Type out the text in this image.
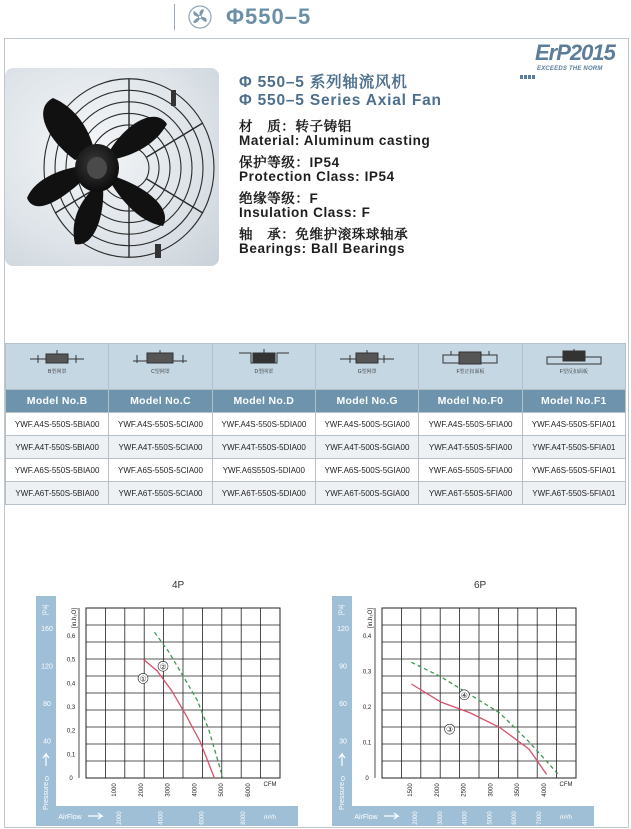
Φ550–5
ErP2015
EXCEEDS THE NORM
Φ 550–5 系列轴流风机
Φ 550–5 Series Axial Fan
材　质：转子铸铝
Material: Aluminum casting
保护等级：IP54
Protection Class: IP54
绝缘等级：F
Insulation Class: F
轴　承：免维护滚珠球轴承
Bearings: Ball Bearings
B型网罩	C型网罩	D型网罩	G型网罩	F型正扣面板	F型反扣面板

Model No.B	Model No.C	Model No.D	Model No.G	Model No.F0	Model No.F1
YWF.A4S-550S-5BIA00	YWF.A4S-550S-5CIA00	YWF.A4S-550S-5DIA00	YWF.A4S-500S-5GIA00	YWF.A4S-550S-5FIA00	YWF.A4S-550S-5FIA01
YWF.A4T-550S-5BIA00	YWF.A4T-550S-5CIA00	YWF.A4T-550S-5DIA00	YWF.A4T-500S-5GIA00	YWF.A4T-550S-5FIA00	YWF.A4T-550S-5FIA01
YWF.A6S-550S-5BIA00	YWF.A6S-550S-5CIA00	YWF.A6S550S-5DIA00	YWF.A6S-500S-5GIA00	YWF.A6S-550S-5FIA00	YWF.A6S-550S-5FIA01
YWF.A6T-550S-5BIA00	YWF.A6T-550S-5CIA00	YWF.A6T-550S-5DIA00	YWF.A6T-500S-5GIA00	YWF.A6T-550S-5FIA00	YWF.A6T-550S-5FIA01
4P	6P
160
120
80
40
0
[Pa]
Pressure
0,6
0,5
0,4
0,3
0,2
0,1
0
[in.h₂O]
1000	2000	3000	4000	5000	6000 CFM
2000	4000	6000	8000	m³/h
AirFlow
①
②
120
90
60
30
0
[Pa]
Pressure
0,4
0,3
0,2
0,1
0
[in.h₂O]
1500	2000	2500	3000	3500	4000 CFM
2000	3000	4000	5000	6000	7000	m³/h
AirFlow
③
④
